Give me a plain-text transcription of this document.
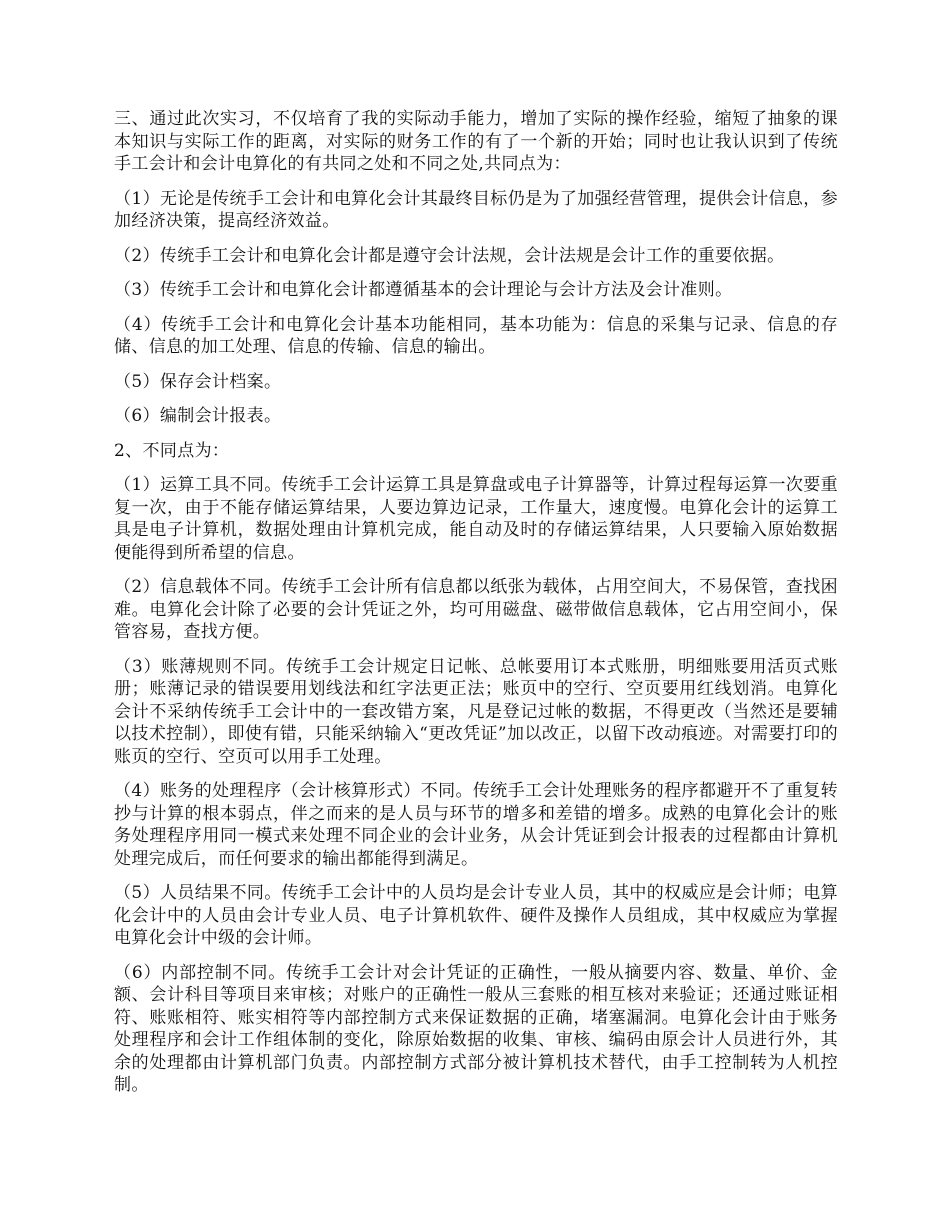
三、通过此次实习，不仅培育了我的实际动手能力，增加了实际的操作经验，缩短了抽象的课本知识与实际工作的距离，对实际的财务工作的有了一个新的开始；同时也让我认识到了传统手工会计和会计电算化的有共同之处和不同之处,共同点为：

（1）无论是传统手工会计和电算化会计其最终目标仍是为了加强经营管理，提供会计信息，参加经济决策，提高经济效益。

（2）传统手工会计和电算化会计都是遵守会计法规，会计法规是会计工作的重要依据。

（3）传统手工会计和电算化会计都遵循基本的会计理论与会计方法及会计准则。

（4）传统手工会计和电算化会计基本功能相同，基本功能为：信息的采集与记录、信息的存储、信息的加工处理、信息的传输、信息的输出。

（5）保存会计档案。

（6）编制会计报表。

2、不同点为：

（1）运算工具不同。传统手工会计运算工具是算盘或电子计算器等，计算过程每运算一次要重复一次，由于不能存储运算结果，人要边算边记录，工作量大，速度慢。电算化会计的运算工具是电子计算机，数据处理由计算机完成，能自动及时的存储运算结果，人只要输入原始数据便能得到所希望的信息。

（2）信息载体不同。传统手工会计所有信息都以纸张为载体，占用空间大，不易保管，查找困难。电算化会计除了必要的会计凭证之外，均可用磁盘、磁带做信息载体，它占用空间小，保管容易，查找方便。

（3）账薄规则不同。传统手工会计规定日记帐、总帐要用订本式账册，明细账要用活页式账册；账薄记录的错误要用划线法和红字法更正法；账页中的空行、空页要用红线划消。电算化会计不采纳传统手工会计中的一套改错方案，凡是登记过帐的数据，不得更改（当然还是要辅以技术控制），即使有错，只能采纳输入“更改凭证”加以改正，以留下改动痕迹。对需要打印的账页的空行、空页可以用手工处理。

（4）账务的处理程序（会计核算形式）不同。传统手工会计处理账务的程序都避开不了重复转抄与计算的根本弱点，伴之而来的是人员与环节的增多和差错的增多。成熟的电算化会计的账务处理程序用同一模式来处理不同企业的会计业务，从会计凭证到会计报表的过程都由计算机处理完成后，而任何要求的输出都能得到满足。

（5）人员结果不同。传统手工会计中的人员均是会计专业人员，其中的权威应是会计师；电算化会计中的人员由会计专业人员、电子计算机软件、硬件及操作人员组成，其中权威应为掌握电算化会计中级的会计师。

（6）内部控制不同。传统手工会计对会计凭证的正确性，一般从摘要内容、数量、单价、金额、会计科目等项目来审核；对账户的正确性一般从三套账的相互核对来验证；还通过账证相符、账账相符、账实相符等内部控制方式来保证数据的正确，堵塞漏洞。电算化会计由于账务处理程序和会计工作组体制的变化，除原始数据的收集、审核、编码由原会计人员进行外，其余的处理都由计算机部门负责。内部控制方式部分被计算机技术替代，由手工控制转为人机控制。
